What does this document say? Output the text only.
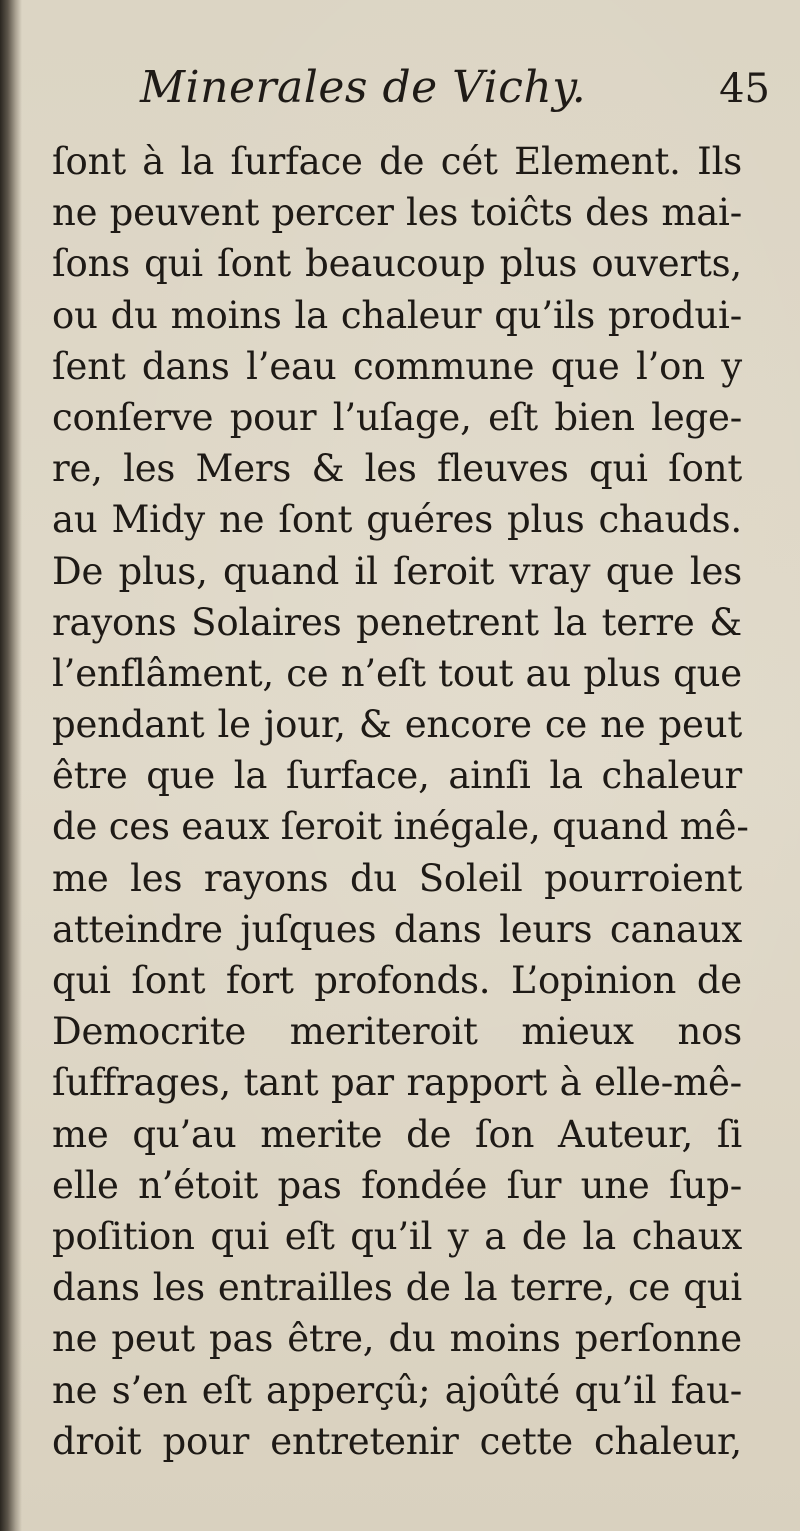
Minerales de Vichy.	45
ſont à la ſurface de cét Element. Ils
ne peuvent percer les toiĉts des mai-
ſons qui ſont beaucoup plus ouverts,
ou du moins la chaleur qu’ils produi-
ſent dans l’eau commune que l’on y
conſerve pour l’uſage, eſt bien lege-
re, les Mers & les fleuves qui ſont
au Midy ne ſont guéres plus chauds.
De plus, quand il ſeroit vray que les
rayons Solaires penetrent la terre &
l’enflâment, ce n’eſt tout au plus que
pendant le jour, & encore ce ne peut
être que la ſurface, ainſi la chaleur
de ces eaux ſeroit inégale, quand mê-
me les rayons du Soleil pourroient
atteindre juſques dans leurs canaux
qui ſont fort profonds. L’opinion de
Democrite meriteroit mieux nos
ſuffrages, tant par rapport à elle-mê-
me qu’au merite de ſon Auteur, ſi
elle n’étoit pas fondée ſur une ſup-
poſition qui eſt qu’il y a de la chaux
dans les entrailles de la terre, ce qui
ne peut pas être, du moins perſonne
ne s’en eſt apperçû; ajoûté qu’il fau-
droit pour entretenir cette chaleur,
